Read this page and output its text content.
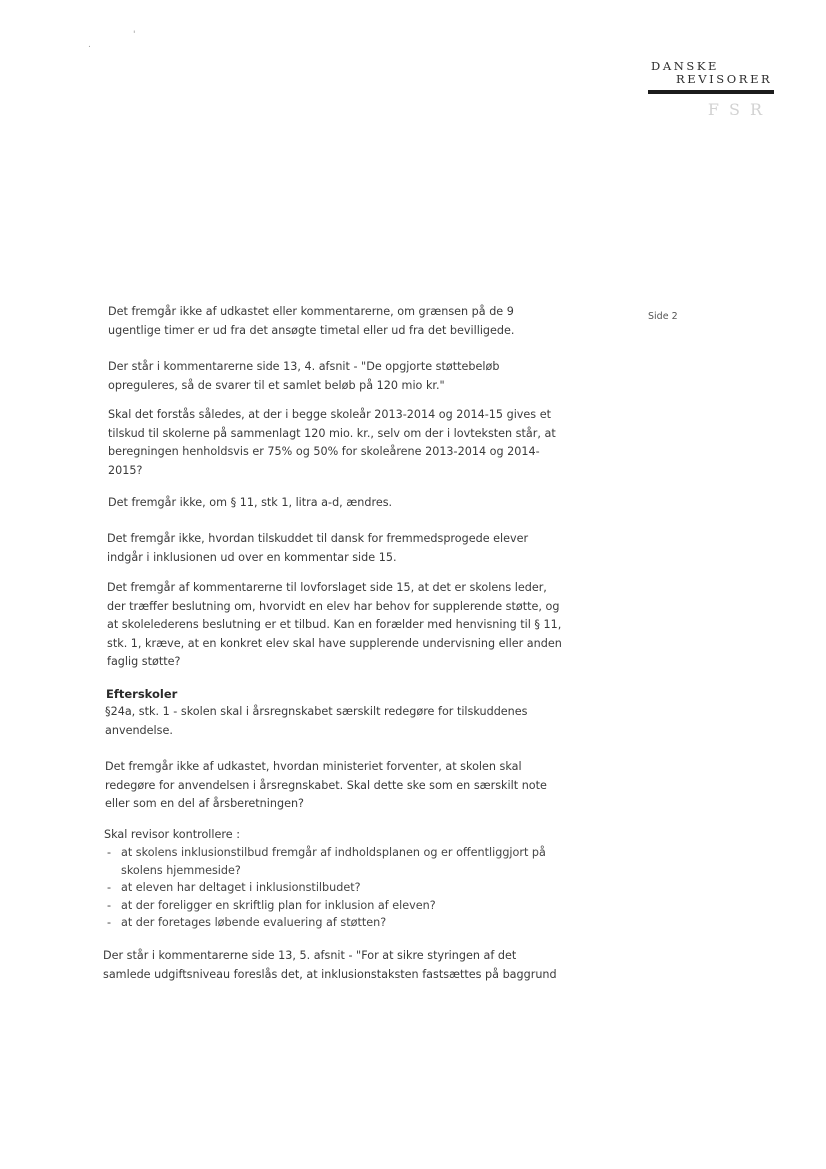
.
'
DANSKE
REVISORER
FSR
Side 2

Det fremgår ikke af udkastet eller kommentarerne, om grænsen på de 9
ugentlige timer er ud fra det ansøgte timetal eller ud fra det bevilligede.

Der står i kommentarerne side 13, 4. afsnit - "De opgjorte støttebeløb
opreguleres, så de svarer til et samlet beløb på 120 mio kr."

Skal det forstås således, at der i begge skoleår 2013-2014 og 2014-15 gives et
tilskud til skolerne på sammenlagt 120 mio. kr., selv om der i lovteksten står, at
beregningen henholdsvis er 75% og 50% for skoleårene 2013-2014 og 2014-
2015?

Det fremgår ikke, om § 11, stk 1, litra a-d, ændres.

Det fremgår ikke, hvordan tilskuddet til dansk for fremmedsprogede elever
indgår i inklusionen ud over en kommentar side 15.

Det fremgår af kommentarerne til lovforslaget side 15, at det er skolens leder,
der træffer beslutning om, hvorvidt en elev har behov for supplerende støtte, og
at skolelederens beslutning er et tilbud. Kan en forælder med henvisning til § 11,
stk. 1, kræve, at en konkret elev skal have supplerende undervisning eller anden
faglig støtte?

Efterskoler

§24a, stk. 1 - skolen skal i årsregnskabet særskilt redegøre for tilskuddenes
anvendelse.

Det fremgår ikke af udkastet, hvordan ministeriet forventer, at skolen skal
redegøre for anvendelsen i årsregnskabet. Skal dette ske som en særskilt note
eller som en del af årsberetningen?

Skal revisor kontrollere :

- at skolens inklusionstilbud fremgår af indholdsplanen og er offentliggjort på
skolens hjemmeside?
- at eleven har deltaget i inklusionstilbudet?
- at der foreligger en skriftlig plan for inklusion af eleven?
- at der foretages løbende evaluering af støtten?

Der står i kommentarerne side 13, 5. afsnit - "For at sikre styringen af det
samlede udgiftsniveau foreslås det, at inklusionstaksten fastsættes på baggrund
